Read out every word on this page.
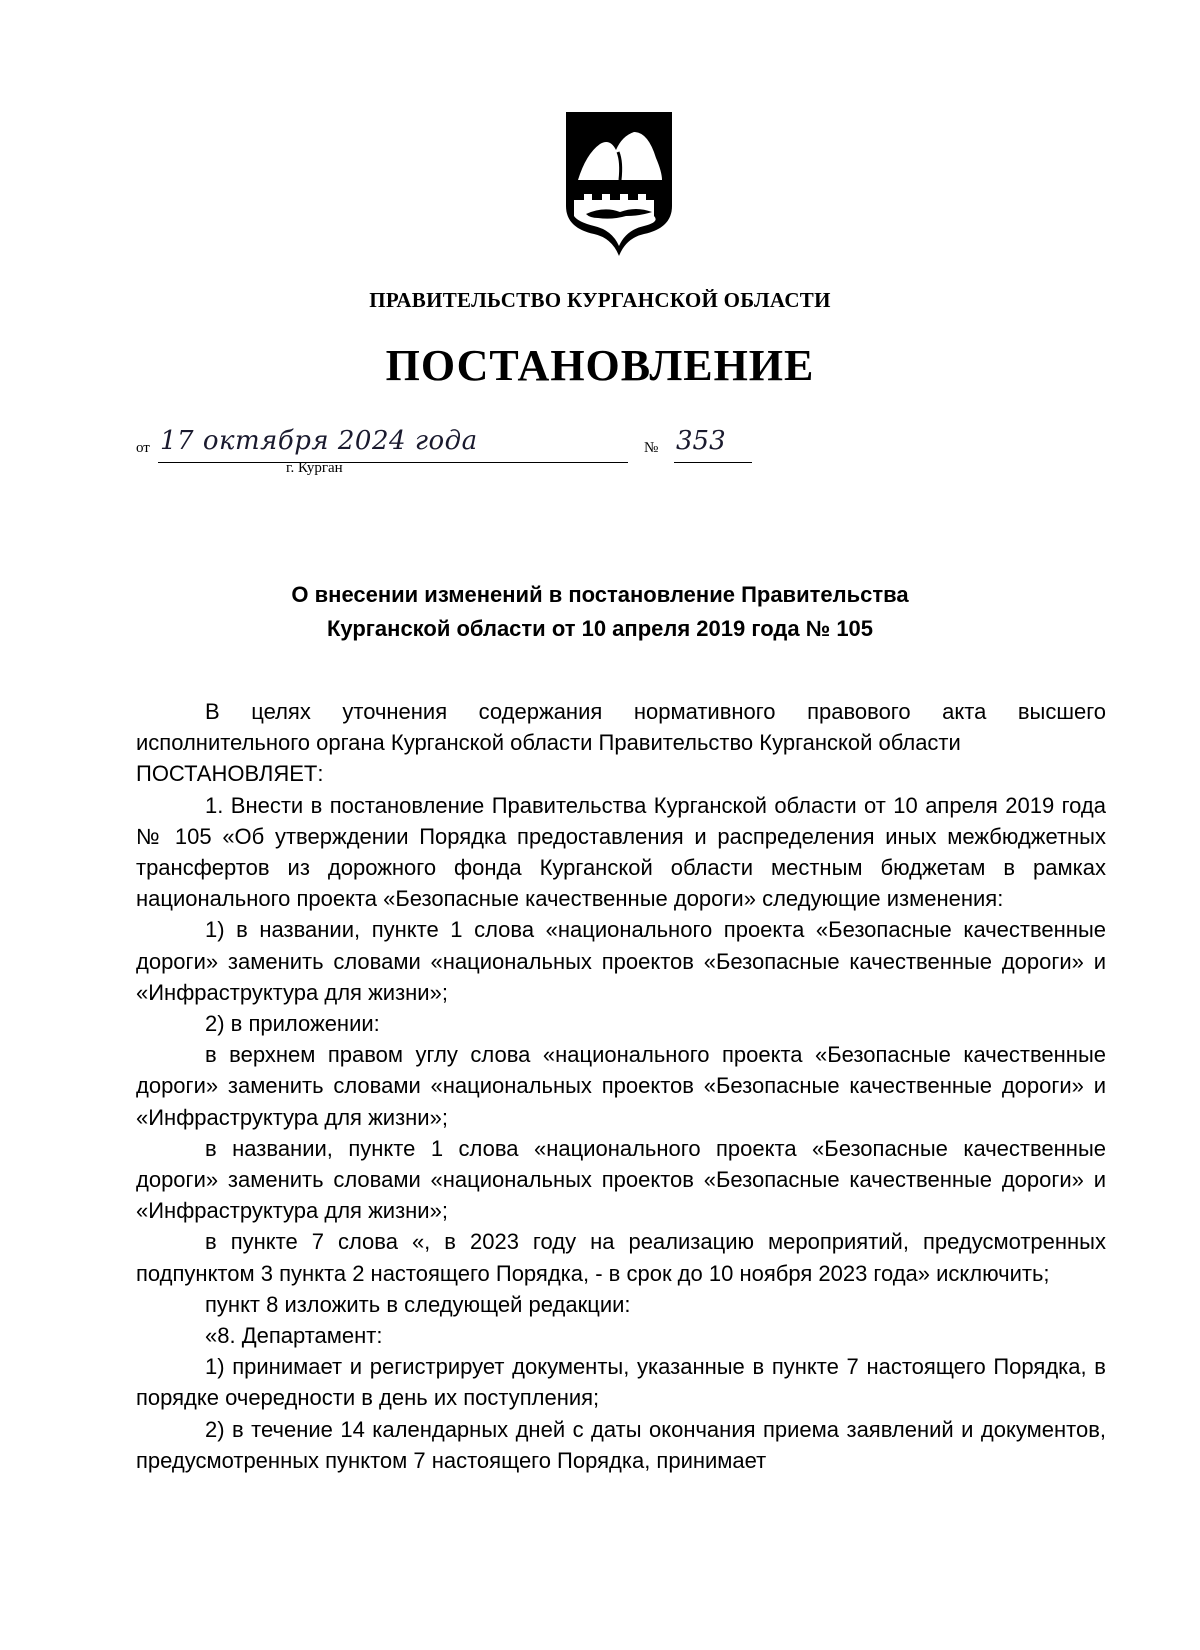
ПРАВИТЕЛЬСТВО КУРГАНСКОЙ ОБЛАСТИ
ПОСТАНОВЛЕНИЕ
от 17 октября 2024 года	№ 353
г. Курган
О внесении изменений в постановление Правительства
Курганской области от 10 апреля 2019 года № 105

В целях уточнения содержания нормативного правового акта высшего исполнительного органа Курганской области Правительство Курганской области

ПОСТАНОВЛЯЕТ:

1. Внести в постановление Правительства Курганской области от 10 апреля 2019 года № 105 «Об утверждении Порядка предоставления и распределения иных межбюджетных трансфертов из дорожного фонда Курганской области местным бюджетам в рамках национального проекта «Безопасные качественные дороги» следующие изменения:

1) в названии, пункте 1 слова «национального проекта «Безопасные качественные дороги» заменить словами «национальных проектов «Безопасные качественные дороги» и «Инфраструктура для жизни»;

2) в приложении:

в верхнем правом углу слова «национального проекта «Безопасные качественные дороги» заменить словами «национальных проектов «Безопасные качественные дороги» и «Инфраструктура для жизни»;

в названии, пункте 1 слова «национального проекта «Безопасные качественные дороги» заменить словами «национальных проектов «Безопасные качественные дороги» и «Инфраструктура для жизни»;

в пункте 7 слова «, в 2023 году на реализацию мероприятий, предусмотренных подпунктом 3 пункта 2 настоящего Порядка, - в срок до 10 ноября 2023 года» исключить;

пункт 8 изложить в следующей редакции:

«8. Департамент:

1) принимает и регистрирует документы, указанные в пункте 7 настоящего Порядка, в порядке очередности в день их поступления;

2) в течение 14 календарных дней с даты окончания приема заявлений и документов, предусмотренных пунктом 7 настоящего Порядка, принимает
